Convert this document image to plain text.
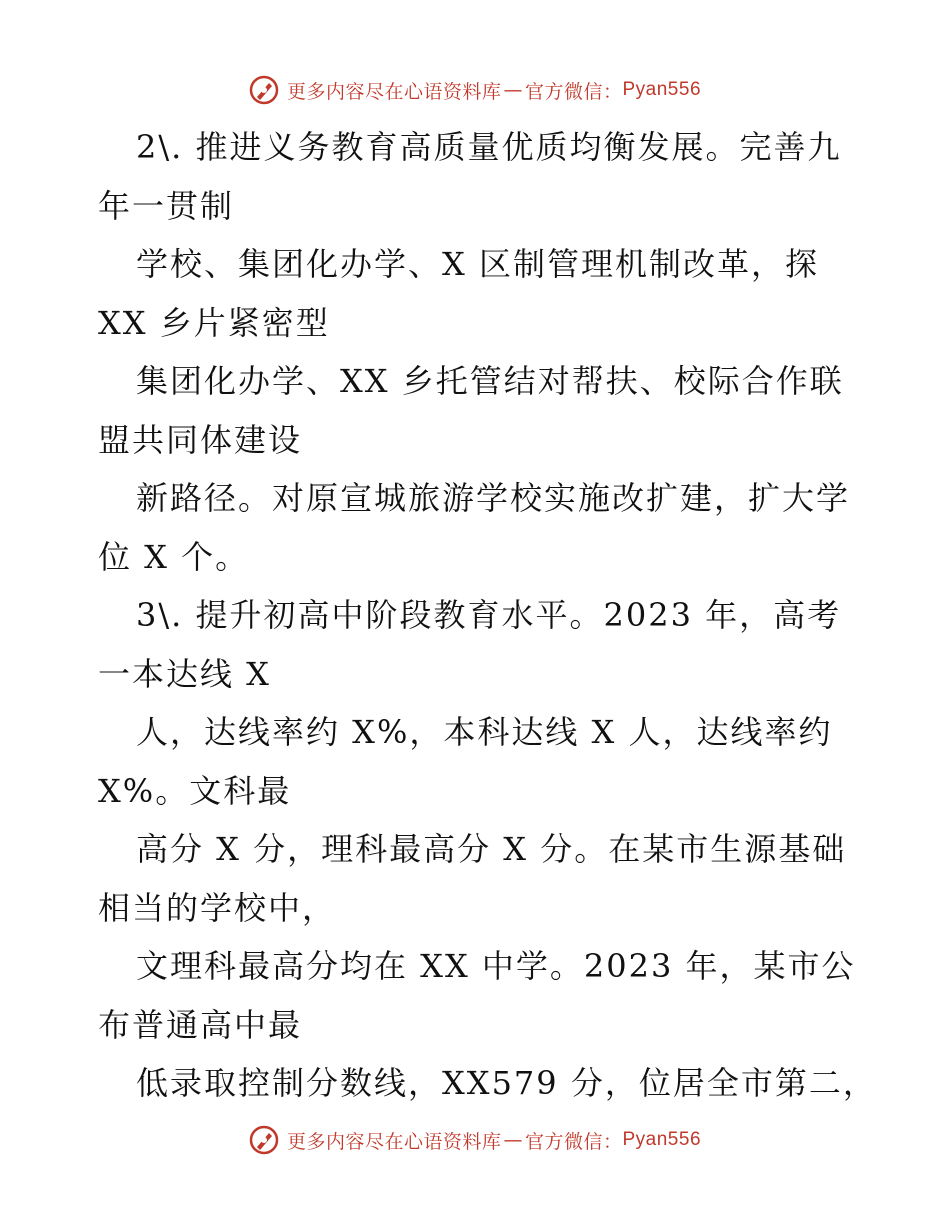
更多内容尽在心语资料库 — 官方微信： Pyan556
2\. 推进义务教育高质量优质均衡发展。完善九
年一贯制
学校、集团化办学、X 区制管理机制改革，探
XX 乡片紧密型
集团化办学、XX 乡托管结对帮扶、校际合作联
盟共同体建设
新路径。对原宣城旅游学校实施改扩建，扩大学
位 X 个。
3\. 提升初高中阶段教育水平。2023 年，高考
一本达线 X
人，达线率约 X%，本科达线 X 人，达线率约
X%。文科最
高分 X 分，理科最高分 X 分。在某市生源基础
相当的学校中，
文理科最高分均在 XX 中学。2023 年，某市公
布普通高中最
低录取控制分数线，XX579 分，位居全市第二，
更多内容尽在心语资料库 — 官方微信： Pyan556
